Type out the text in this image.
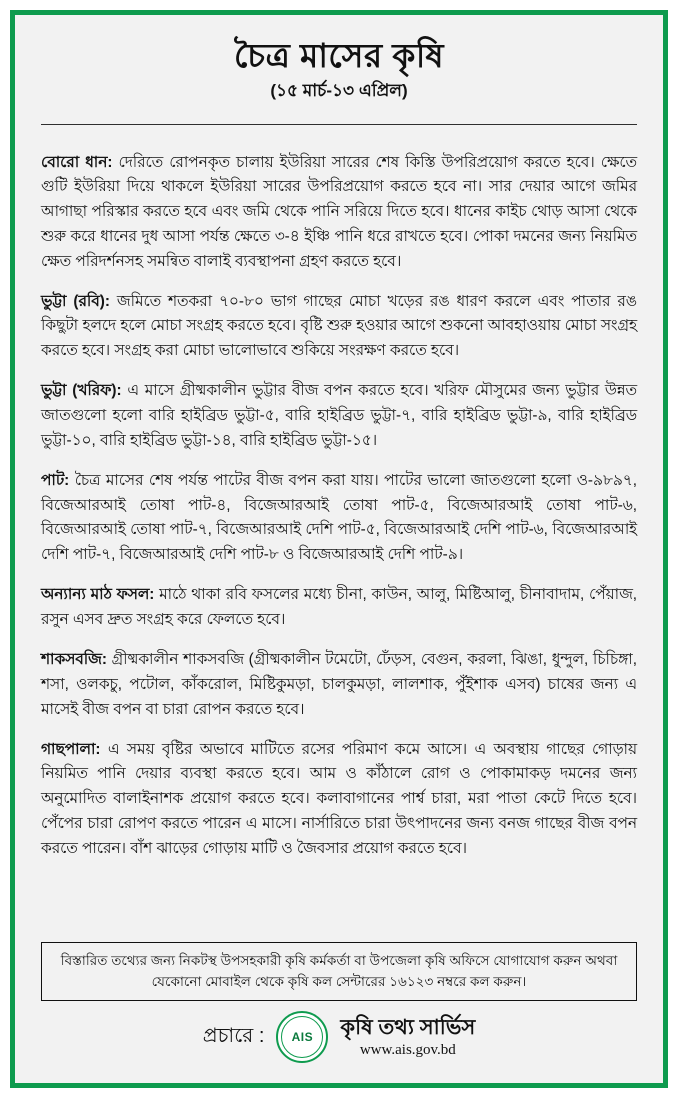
চৈত্র মাসের কৃষি
(১৫ মার্চ-১৩ এপ্রিল)

বোরো ধান: দেরিতে রোপনকৃত চালায় ইউরিয়া সারের শেষ কিস্তি উপরিপ্রয়োগ করতে হবে। ক্ষেতে গুটি ইউরিয়া দিয়ে থাকলে ইউরিয়া সারের উপরিপ্রয়োগ করতে হবে না। সার দেয়ার আগে জমির আগাছা পরিস্কার করতে হবে এবং জমি থেকে পানি সরিয়ে দিতে হবে। ধানের কাইচ থোড় আসা থেকে শুরু করে ধানের দুধ আসা পর্যন্ত ক্ষেতে ৩-৪ ইঞ্চি পানি ধরে রাখতে হবে। পোকা দমনের জন্য নিয়মিত ক্ষেত পরিদর্শনসহ সমন্বিত বালাই ব্যবস্থাপনা গ্রহণ করতে হবে।

ভুট্টা (রবি): জমিতে শতকরা ৭০-৮০ ভাগ গাছের মোচা খড়ের রঙ ধারণ করলে এবং পাতার রঙ কিছুটা হলদে হলে মোচা সংগ্রহ করতে হবে। বৃষ্টি শুরু হওয়ার আগে শুকনো আবহাওয়ায় মোচা সংগ্রহ করতে হবে। সংগ্রহ করা মোচা ভালোভাবে শুকিয়ে সংরক্ষণ করতে হবে।

ভুট্টা (খরিফ): এ মাসে গ্রীষ্মকালীন ভুট্টার বীজ বপন করতে হবে। খরিফ মৌসুমের জন্য ভুট্টার উন্নত জাতগুলো হলো বারি হাইব্রিড ভুট্টা-৫, বারি হাইব্রিড ভুট্টা-৭, বারি হাইব্রিড ভুট্টা-৯, বারি হাইব্রিড ভুট্টা-১০, বারি হাইব্রিড ভুট্টা-১৪, বারি হাইব্রিড ভুট্টা-১৫।

পাট: চৈত্র মাসের শেষ পর্যন্ত পাটের বীজ বপন করা যায়। পাটের ভালো জাতগুলো হলো ও-৯৮৯৭, বিজেআরআই তোষা পাট-৪, বিজেআরআই তোষা পাট-৫, বিজেআরআই তোষা পাট-৬, বিজেআরআই তোষা পাট-৭, বিজেআরআই দেশি পাট-৫, বিজেআরআই দেশি পাট-৬, বিজেআরআই দেশি পাট-৭, বিজেআরআই দেশি পাট-৮ ও বিজেআরআই দেশি পাট-৯।

অন্যান্য মাঠ ফসল: মাঠে থাকা রবি ফসলের মধ্যে চীনা, কাউন, আলু, মিষ্টিআলু, চীনাবাদাম, পেঁয়াজ, রসুন এসব দ্রুত সংগ্রহ করে ফেলতে হবে।

শাকসবজি: গ্রীষ্মকালীন শাকসবজি (গ্রীষ্মকালীন টমেটো, ঢেঁড়স, বেগুন, করলা, ঝিঙা, ধুন্দুল, চিচিঙ্গা, শসা, ওলকচু, পটোল, কাঁকরোল, মিষ্টিকুমড়া, চালকুমড়া, লালশাক, পুঁইশাক এসব) চাষের জন্য এ মাসেই বীজ বপন বা চারা রোপন করতে হবে।

গাছপালা: এ সময় বৃষ্টির অভাবে মাটিতে রসের পরিমাণ কমে আসে। এ অবস্থায় গাছের গোড়ায় নিয়মিত পানি দেয়ার ব্যবস্থা করতে হবে। আম ও কাঁঠালে রোগ ও পোকামাকড় দমনের জন্য অনুমোদিত বালাইনাশক প্রয়োগ করতে হবে। কলাবাগানের পার্শ্ব চারা, মরা পাতা কেটে দিতে হবে। পেঁপের চারা রোপণ করতে পারেন এ মাসে। নার্সারিতে চারা উৎপাদনের জন্য বনজ গাছের বীজ বপন করতে পারেন। বাঁশ ঝাড়ের গোড়ায় মাটি ও জৈবসার প্রয়োগ করতে হবে।

বিস্তারিত তথ্যের জন্য নিকটস্থ উপসহকারী কৃষি কর্মকর্তা বা উপজেলা কৃষি অফিসে যোগাযোগ করুন অথবা যেকোনো মোবাইল থেকে কৃষি কল সেন্টারের ১৬১২৩ নম্বরে কল করুন।
প্রচারে : AIS কৃষি তথ্য সার্ভিস
www.ais.gov.bd
